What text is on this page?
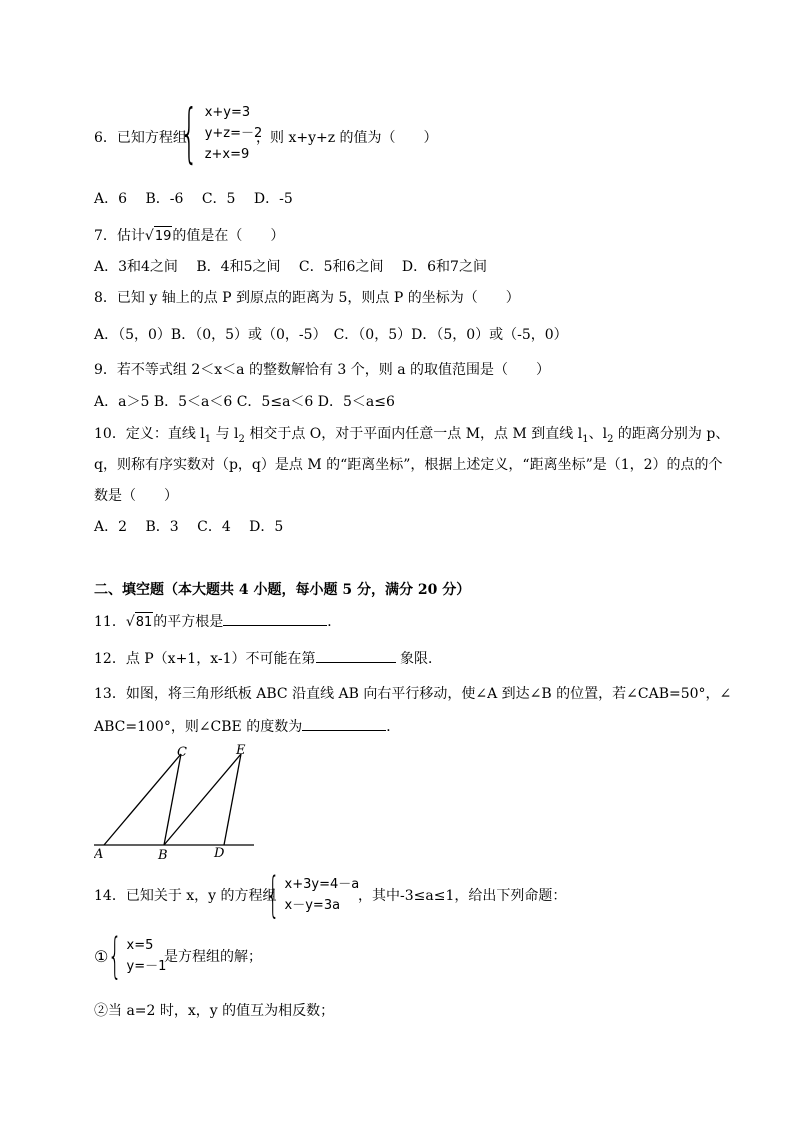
6．已知方程组
{ x+y=3
y+z=－2
z+x=9
，则 x+y+z 的值为（　　）
A．6　 B．-6　 C．5　 D．-5
7．估计√19的值是在（　　）
A．3和4之间　 B．4和5之间　 C．5和6之间　 D．6和7之间
8．已知 y 轴上的点 P 到原点的距离为 5，则点 P 的坐标为（　　）
A．（5，0）B．（0，5）或（0，-5）　C．（0，5）D．（5，0）或（-5，0）
9．若不等式组 2＜x＜a 的整数解恰有 3 个，则 a 的取值范围是（　　）
A．a＞5 B．5＜a＜6 C．5≤a＜6 D．5＜a≤6
10．定义：直线 $l_1$ 与 $l_2$ 相交于点 O，对于平面内任意一点 M，点 M 到直线 $l_1$、$l_2$ 的距离分别为 p、
q，则称有序实数对（p，q）是点 M 的“距离坐标”，根据上述定义，“距离坐标”是（1，2）的点的个
数是（　　）
A．2　 B．3　 C．4　 D．5
二、填空题（本大题共 4 小题，每小题 5 分，满分 20 分）
11．√81的平方根是	．
12．点 P（x+1，x-1）不可能在第	象限．
13．如图，将三角形纸板 ABC 沿直线 AB 向右平行移动，使∠A 到达∠B 的位置，若∠CAB=50°，∠
ABC=100°，则∠CBE 的度数为	．
A	B	D
C	E
14．已知关于 x，y 的方程组
{ x+3y=4－a
x－y=3a
，其中-3≤a≤1，给出下列命题：
① { x=5
y=－1
是方程组的解；
②当 a=2 时，x，y 的值互为相反数；
